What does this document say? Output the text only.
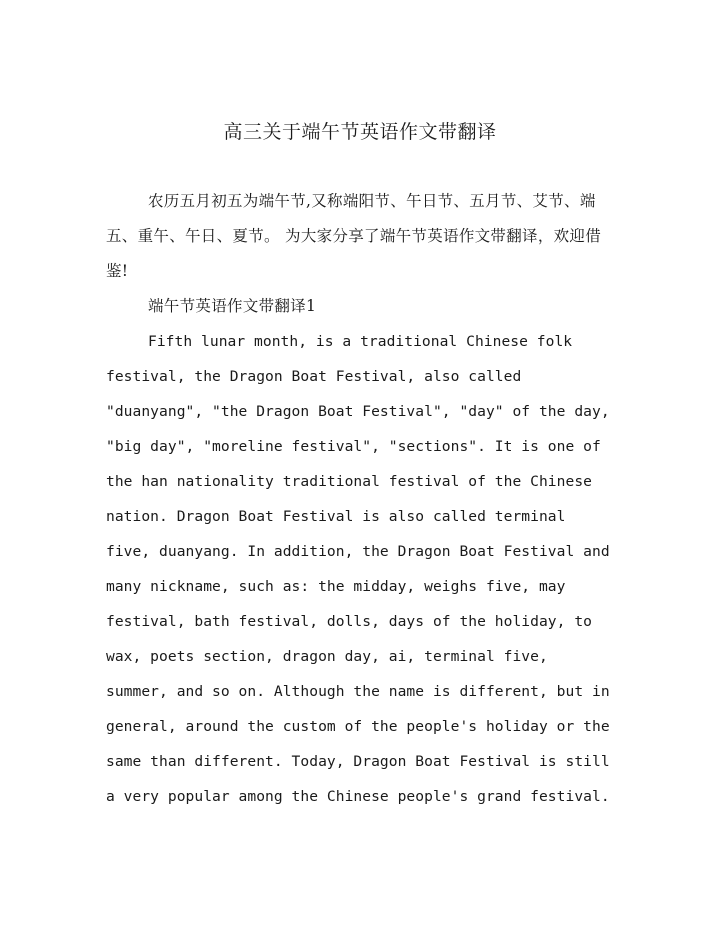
高三关于端午节英语作文带翻译

农历五月初五为端午节,又称端阳节、午日节、五月节、艾节、端五、重午、午日、夏节。 为大家分享了端午节英语作文带翻译，欢迎借鉴!

端午节英语作文带翻译1

Fifth lunar month, is a traditional Chinese folk festival, the Dragon Boat Festival, also called "duanyang", "the Dragon Boat Festival", "day" of the day, "big day", "moreline festival", "sections". It is one of the han nationality traditional festival of the Chinese nation. Dragon Boat Festival is also called terminal five, duanyang. In addition, the Dragon Boat Festival and many nickname, such as: the midday, weighs five, may festival, bath festival, dolls, days of the holiday, to wax, poets section, dragon day, ai, terminal five, summer, and so on. Although the name is different, but in general, around the custom of the people's holiday or the same than different. Today, Dragon Boat Festival is still a very popular among the Chinese people's grand festival.
